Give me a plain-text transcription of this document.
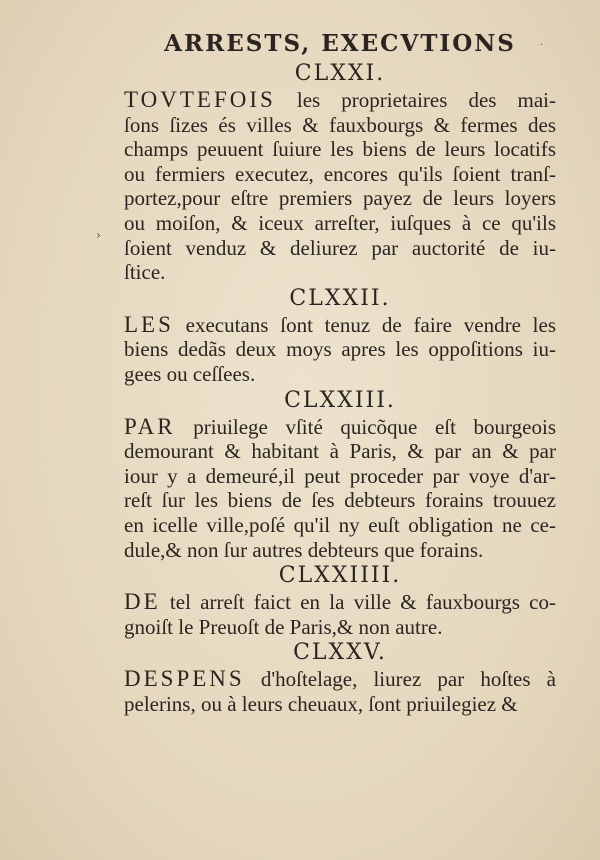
›
·
ARRESTS, EXECVTIONS
CLXXI.
TOVTEFOIS les proprietaires des mai-
ſons ſizes és villes & fauxbourgs & fermes des
champs peuuent ſuiure les biens de leurs locatifs
ou fermiers executez, encores qu'ils ſoient tranſ-
portez,pour eſtre premiers payez de leurs loyers
ou moiſon, & iceux arreſter, iuſques à ce qu'ils
ſoient venduz & deliurez par auctorité de iu-
ſtice.
CLXXII.
LES executans ſont tenuz de faire vendre les
biens dedãs deux moys apres les oppoſitions iu-
gees ou ceſſees.
CLXXIII.
PAR priuilege vſité quicõque eſt bourgeois
demourant & habitant à Paris, & par an & par
iour y a demeuré,il peut proceder par voye d'ar-
reſt ſur les biens de ſes debteurs forains trouuez
en icelle ville,poſé qu'il ny euſt obligation ne ce-
dule,& non ſur autres debteurs que forains.
CLXXIIII.
DE tel arreſt faict en la ville & fauxbourgs co-
gnoiſt le Preuoſt de Paris,& non autre.
CLXXV.
DESPENS d'hoſtelage, liurez par hoſtes à
pelerins, ou à leurs cheuaux, ſont priuilegiez &
